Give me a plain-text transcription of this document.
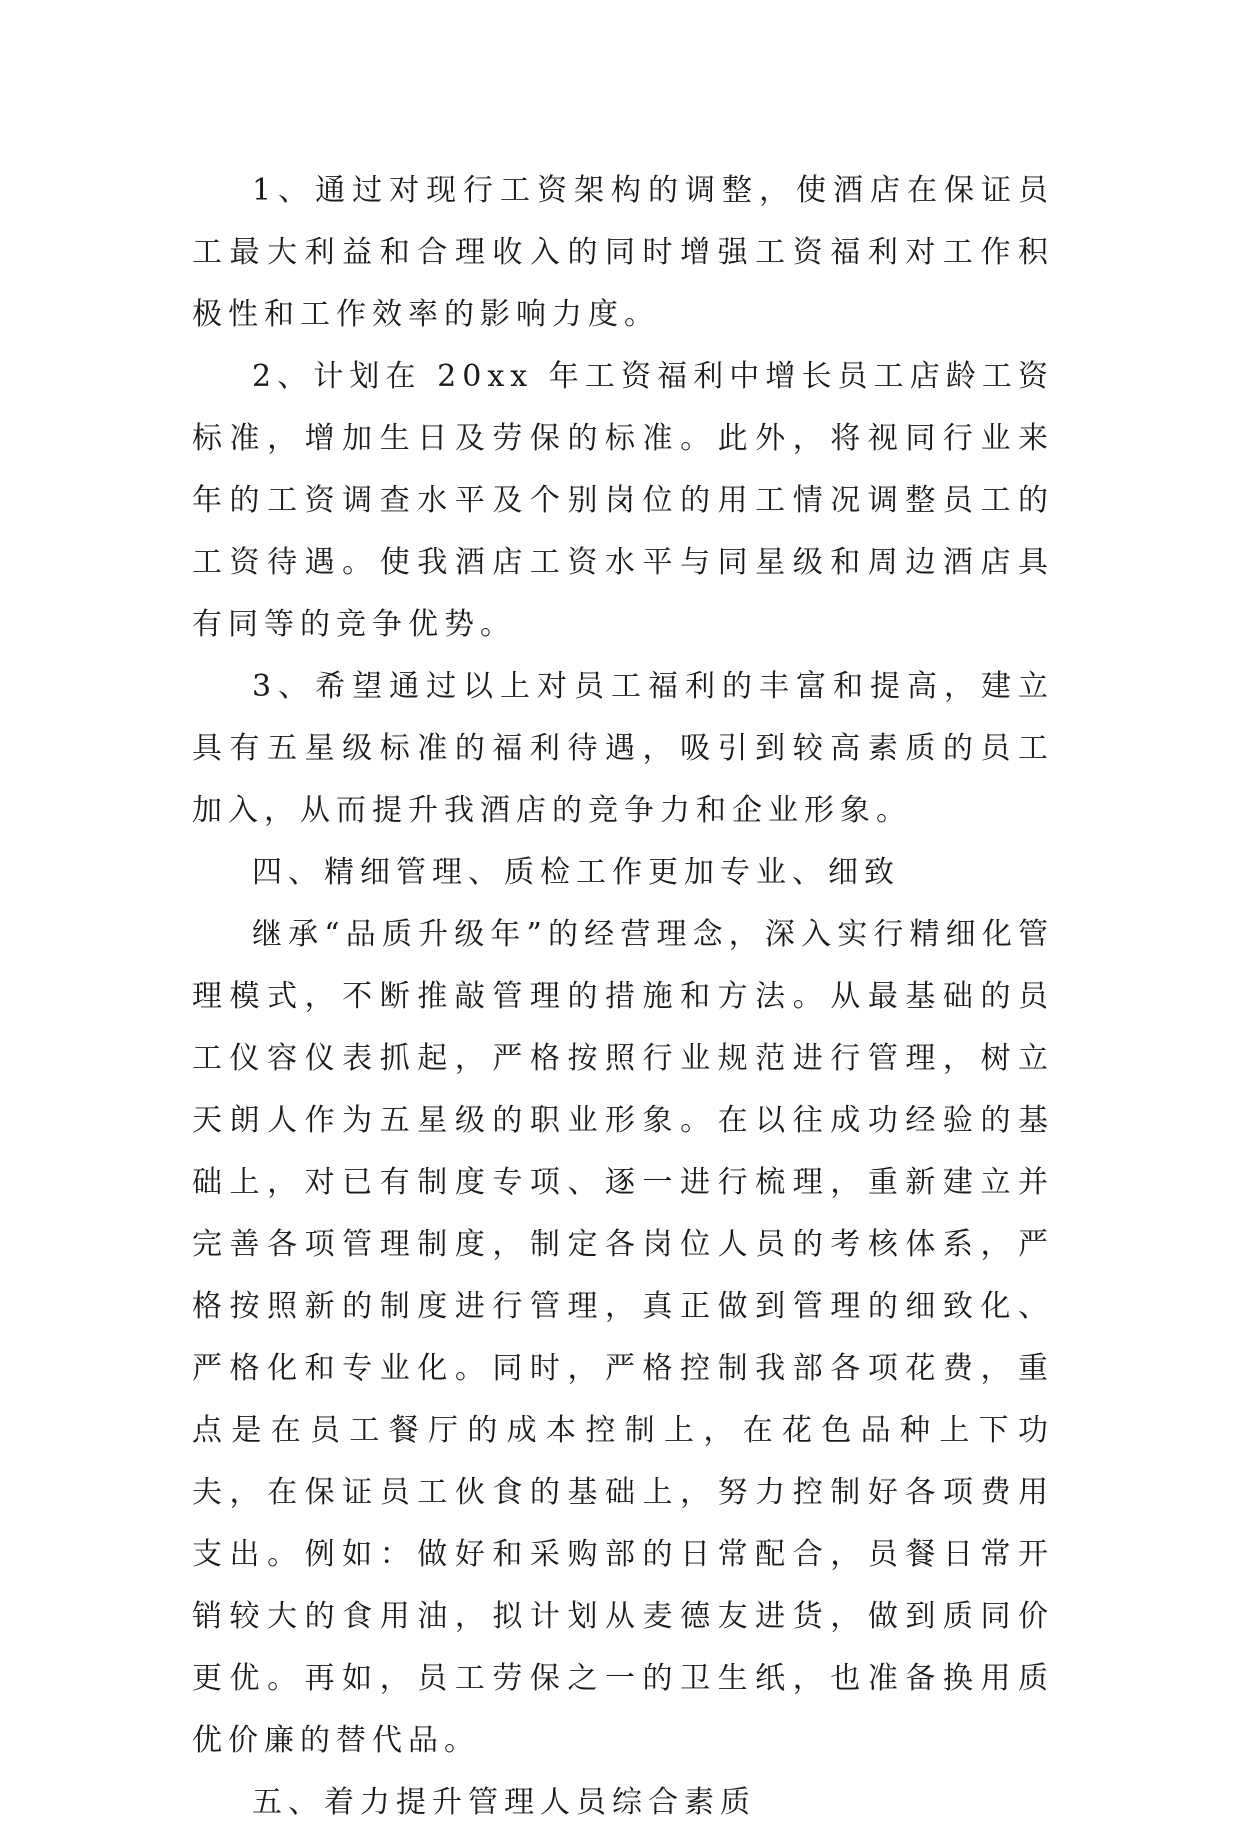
1、通过对现行工资架构的调整，使酒店在保证员工最大利益和合理收入的同时增强工资福利对工作积极性和工作效率的影响力度。

2、计划在 20xx 年工资福利中增长员工店龄工资标准，增加生日及劳保的标准。此外，将视同行业来年的工资调查水平及个别岗位的用工情况调整员工的工资待遇。使我酒店工资水平与同星级和周边酒店具有同等的竞争优势。

3、希望通过以上对员工福利的丰富和提高，建立具有五星级标准的福利待遇，吸引到较高素质的员工加入，从而提升我酒店的竞争力和企业形象。

四、精细管理、质检工作更加专业、细致

继承“品质升级年”的经营理念，深入实行精细化管理模式，不断推敲管理的措施和方法。从最基础的员工仪容仪表抓起，严格按照行业规范进行管理，树立天朗人作为五星级的职业形象。在以往成功经验的基础上，对已有制度专项、逐一进行梳理，重新建立并完善各项管理制度，制定各岗位人员的考核体系，严格按照新的制度进行管理，真正做到管理的细致化、严格化和专业化。同时，严格控制我部各项花费，重点是在员工餐厅的成本控制上，在花色品种上下功夫，在保证员工伙食的基础上，努力控制好各项费用支出。例如：做好和采购部的日常配合，员餐日常开销较大的食用油，拟计划从麦德友进货，做到质同价更优。再如，员工劳保之一的卫生纸，也准备换用质优价廉的替代品。

五、着力提升管理人员综合素质
